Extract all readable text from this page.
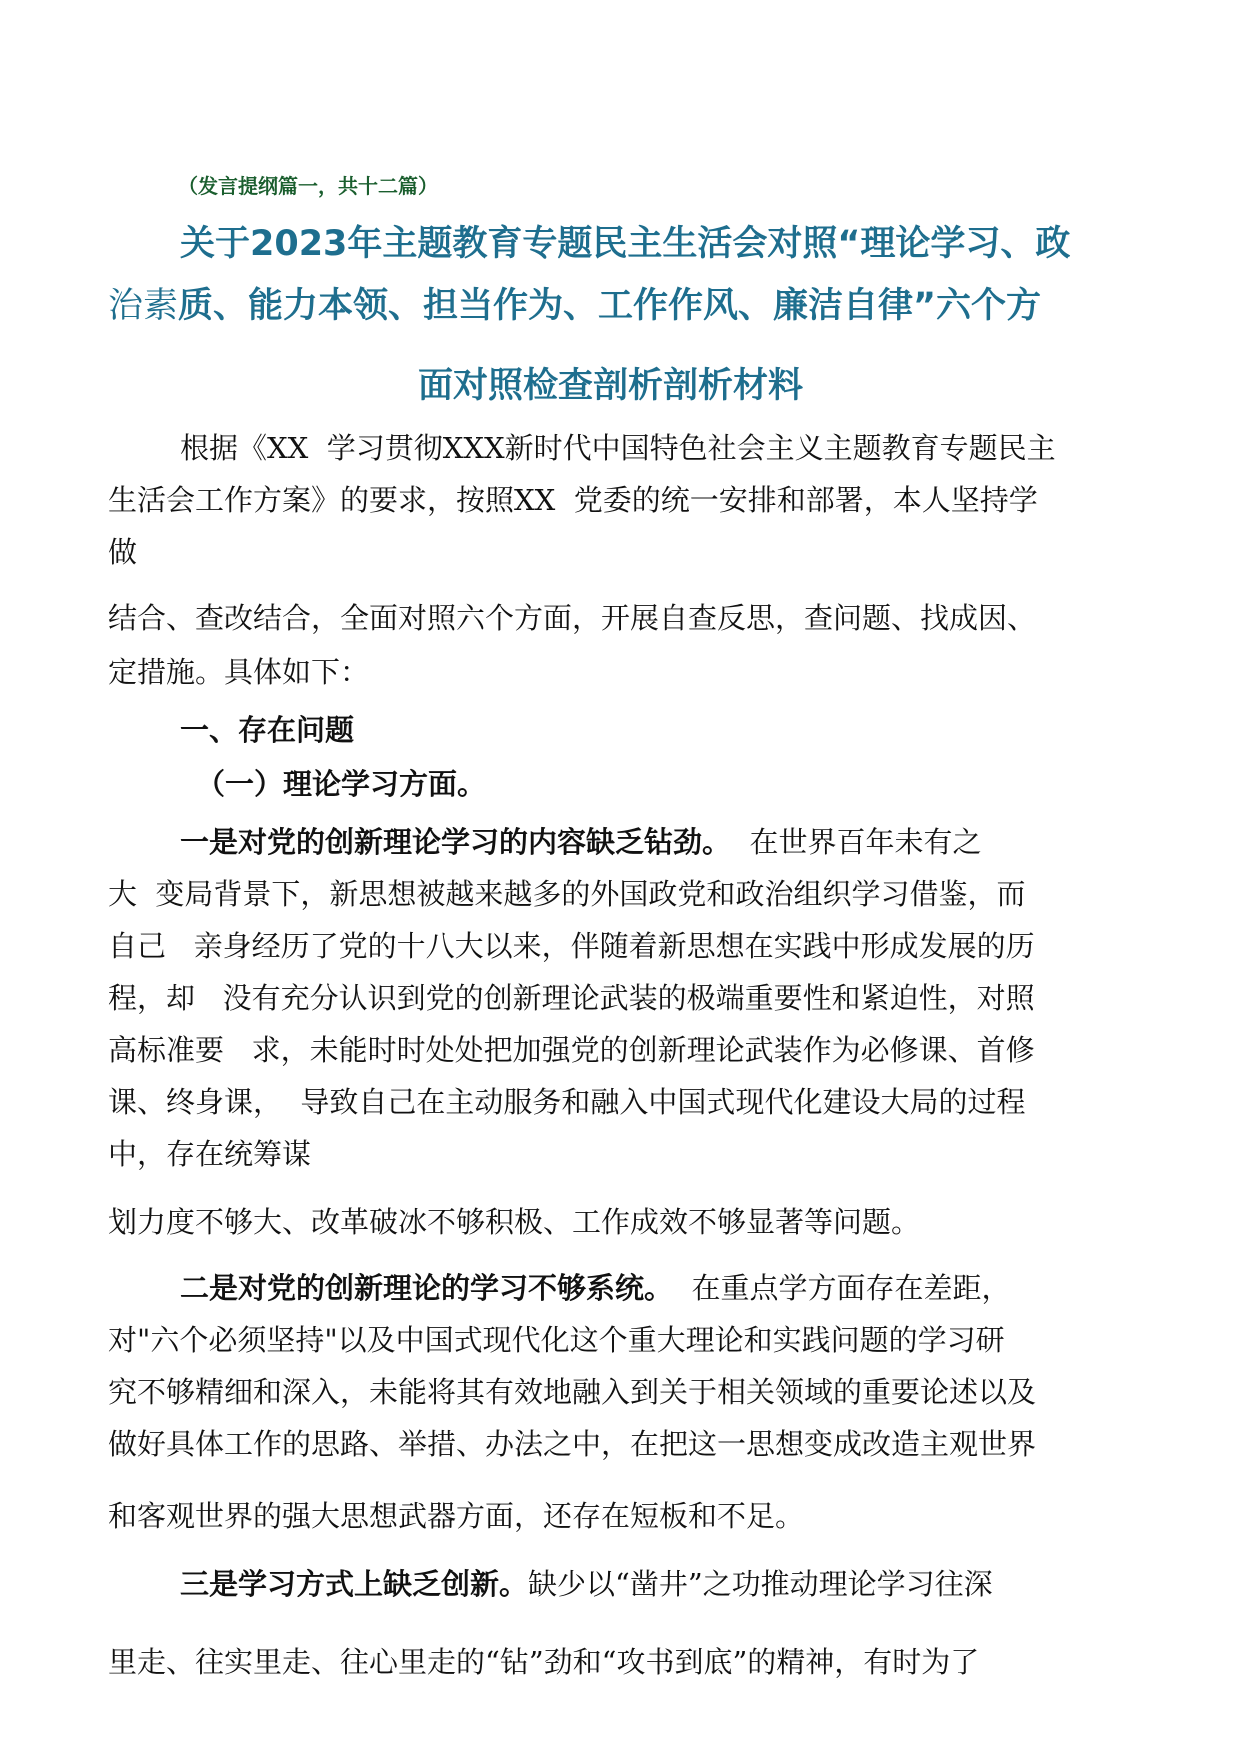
（发言提纲篇一，共十二篇）
关于2023年主题教育专题民主生活会对照“理论学习、政
治素质、能力本领、担当作为、工作作风、廉洁自律”六个方
面对照检查剖析剖析材料
根据《XX  学习贯彻XXX新时代中国特色社会主义主题教育专题民主
生活会工作方案》的要求，按照XX  党委的统一安排和部署，本人坚持学
做
结合、查改结合，全面对照六个方面，开展自查反思，查问题、找成因、
定措施。具体如下：
一、存在问题
（一）理论学习方面。
一是对党的创新理论学习的内容缺乏钻劲。  在世界百年未有之
大  变局背景下，新思想被越来越多的外国政党和政治组织学习借鉴，而
自己   亲身经历了党的十八大以来，伴随着新思想在实践中形成发展的历
程，却   没有充分认识到党的创新理论武装的极端重要性和紧迫性，对照
高标准要   求，未能时时处处把加强党的创新理论武装作为必修课、首修
课、终身课，  导致自己在主动服务和融入中国式现代化建设大局的过程
中，存在统筹谋
划力度不够大、改革破冰不够积极、工作成效不够显著等问题。
二是对党的创新理论的学习不够系统。  在重点学方面存在差距，
对"六个必须坚持"以及中国式现代化这个重大理论和实践问题的学习研
究不够精细和深入，未能将其有效地融入到关于相关领域的重要论述以及
做好具体工作的思路、举措、办法之中，在把这一思想变成改造主观世界
和客观世界的强大思想武器方面，还存在短板和不足。
三是学习方式上缺乏创新。缺少以“凿井”之功推动理论学习往深
里走、往实里走、往心里走的“钻”劲和“攻书到底”的精神，有时为了
